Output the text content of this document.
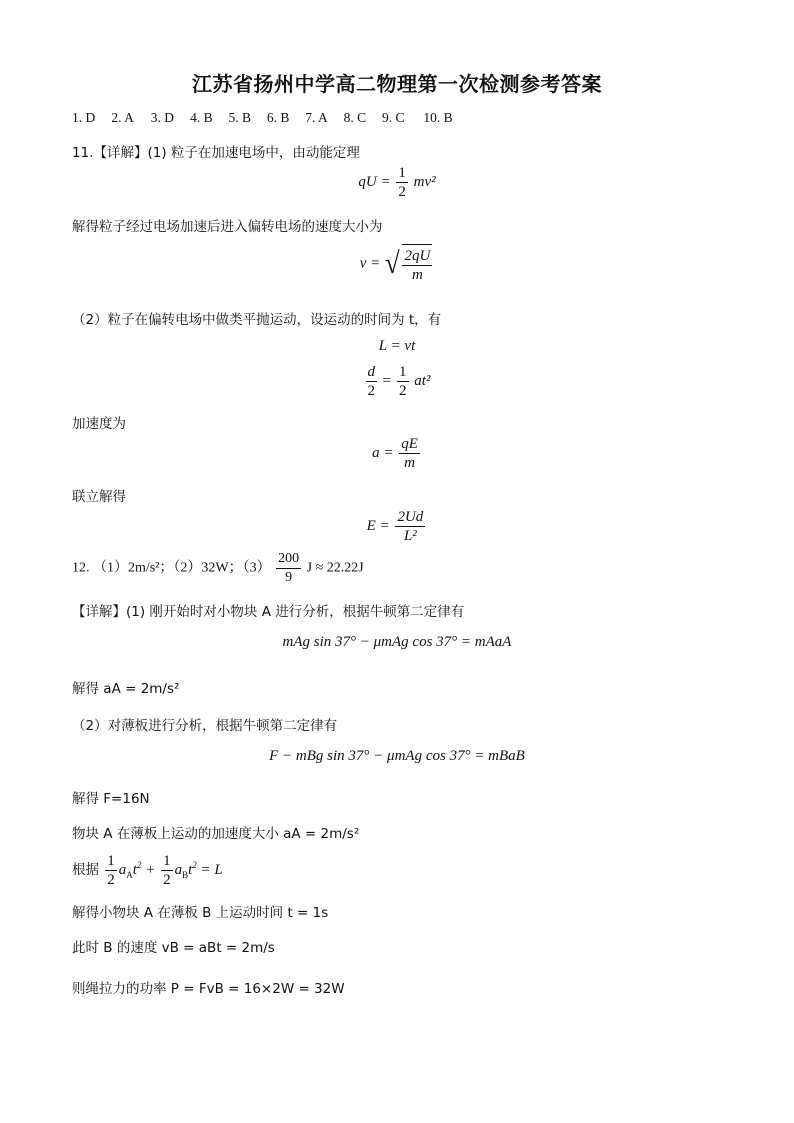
江苏省扬州中学高二物理第一次检测参考答案
1. D 2. A 3. D 4. B 5. B 6. B 7. A 8. C 9. C 10. B
11.【详解】(1) 粒子在加速电场中，由动能定理
qU = $\frac{1}{2} mv^2$
解得粒子经过电场加速后进入偏转电场的速度大小为
v = √ $\frac{2qU}{m}$
（2）粒子在偏转电场中做类平抛运动，设运动的时间为 t，有
L = vt
$\frac{d}{2} = \frac{1}{2} at^2$
加速度为
$a = \frac{qE}{m}$
联立解得
$E = \frac{2Ud}{\text{L²}}$
12. （1）2m/s²；（2）32W；$(3) \frac{200}{9}$ J ≈ 22.22J
【详解】(1) 刚开始时对小物块 A 进行分析，根据牛顿第二定律有
mAg sin 37° − μmAg cos 37° = mAaA
解得 aA = 2m/s²
（2）对薄板进行分析，根据牛顿第二定律有
F − mBg sin 37° − μmAg cos 37° = mBaB
解得 F=16N
物块 A 在薄板上运动的加速度大小 aA = 2m/s²
根据 $\frac{1}{2} a_At^2 + \frac{1}{2} a_Bt^2 = L$
解得小物块 A 在薄板 B 上运动时间 t = 1s
此时 B 的速度 vB = aBt = 2m/s
则绳拉力的功率 P = FvB = 16×2W = 32W
